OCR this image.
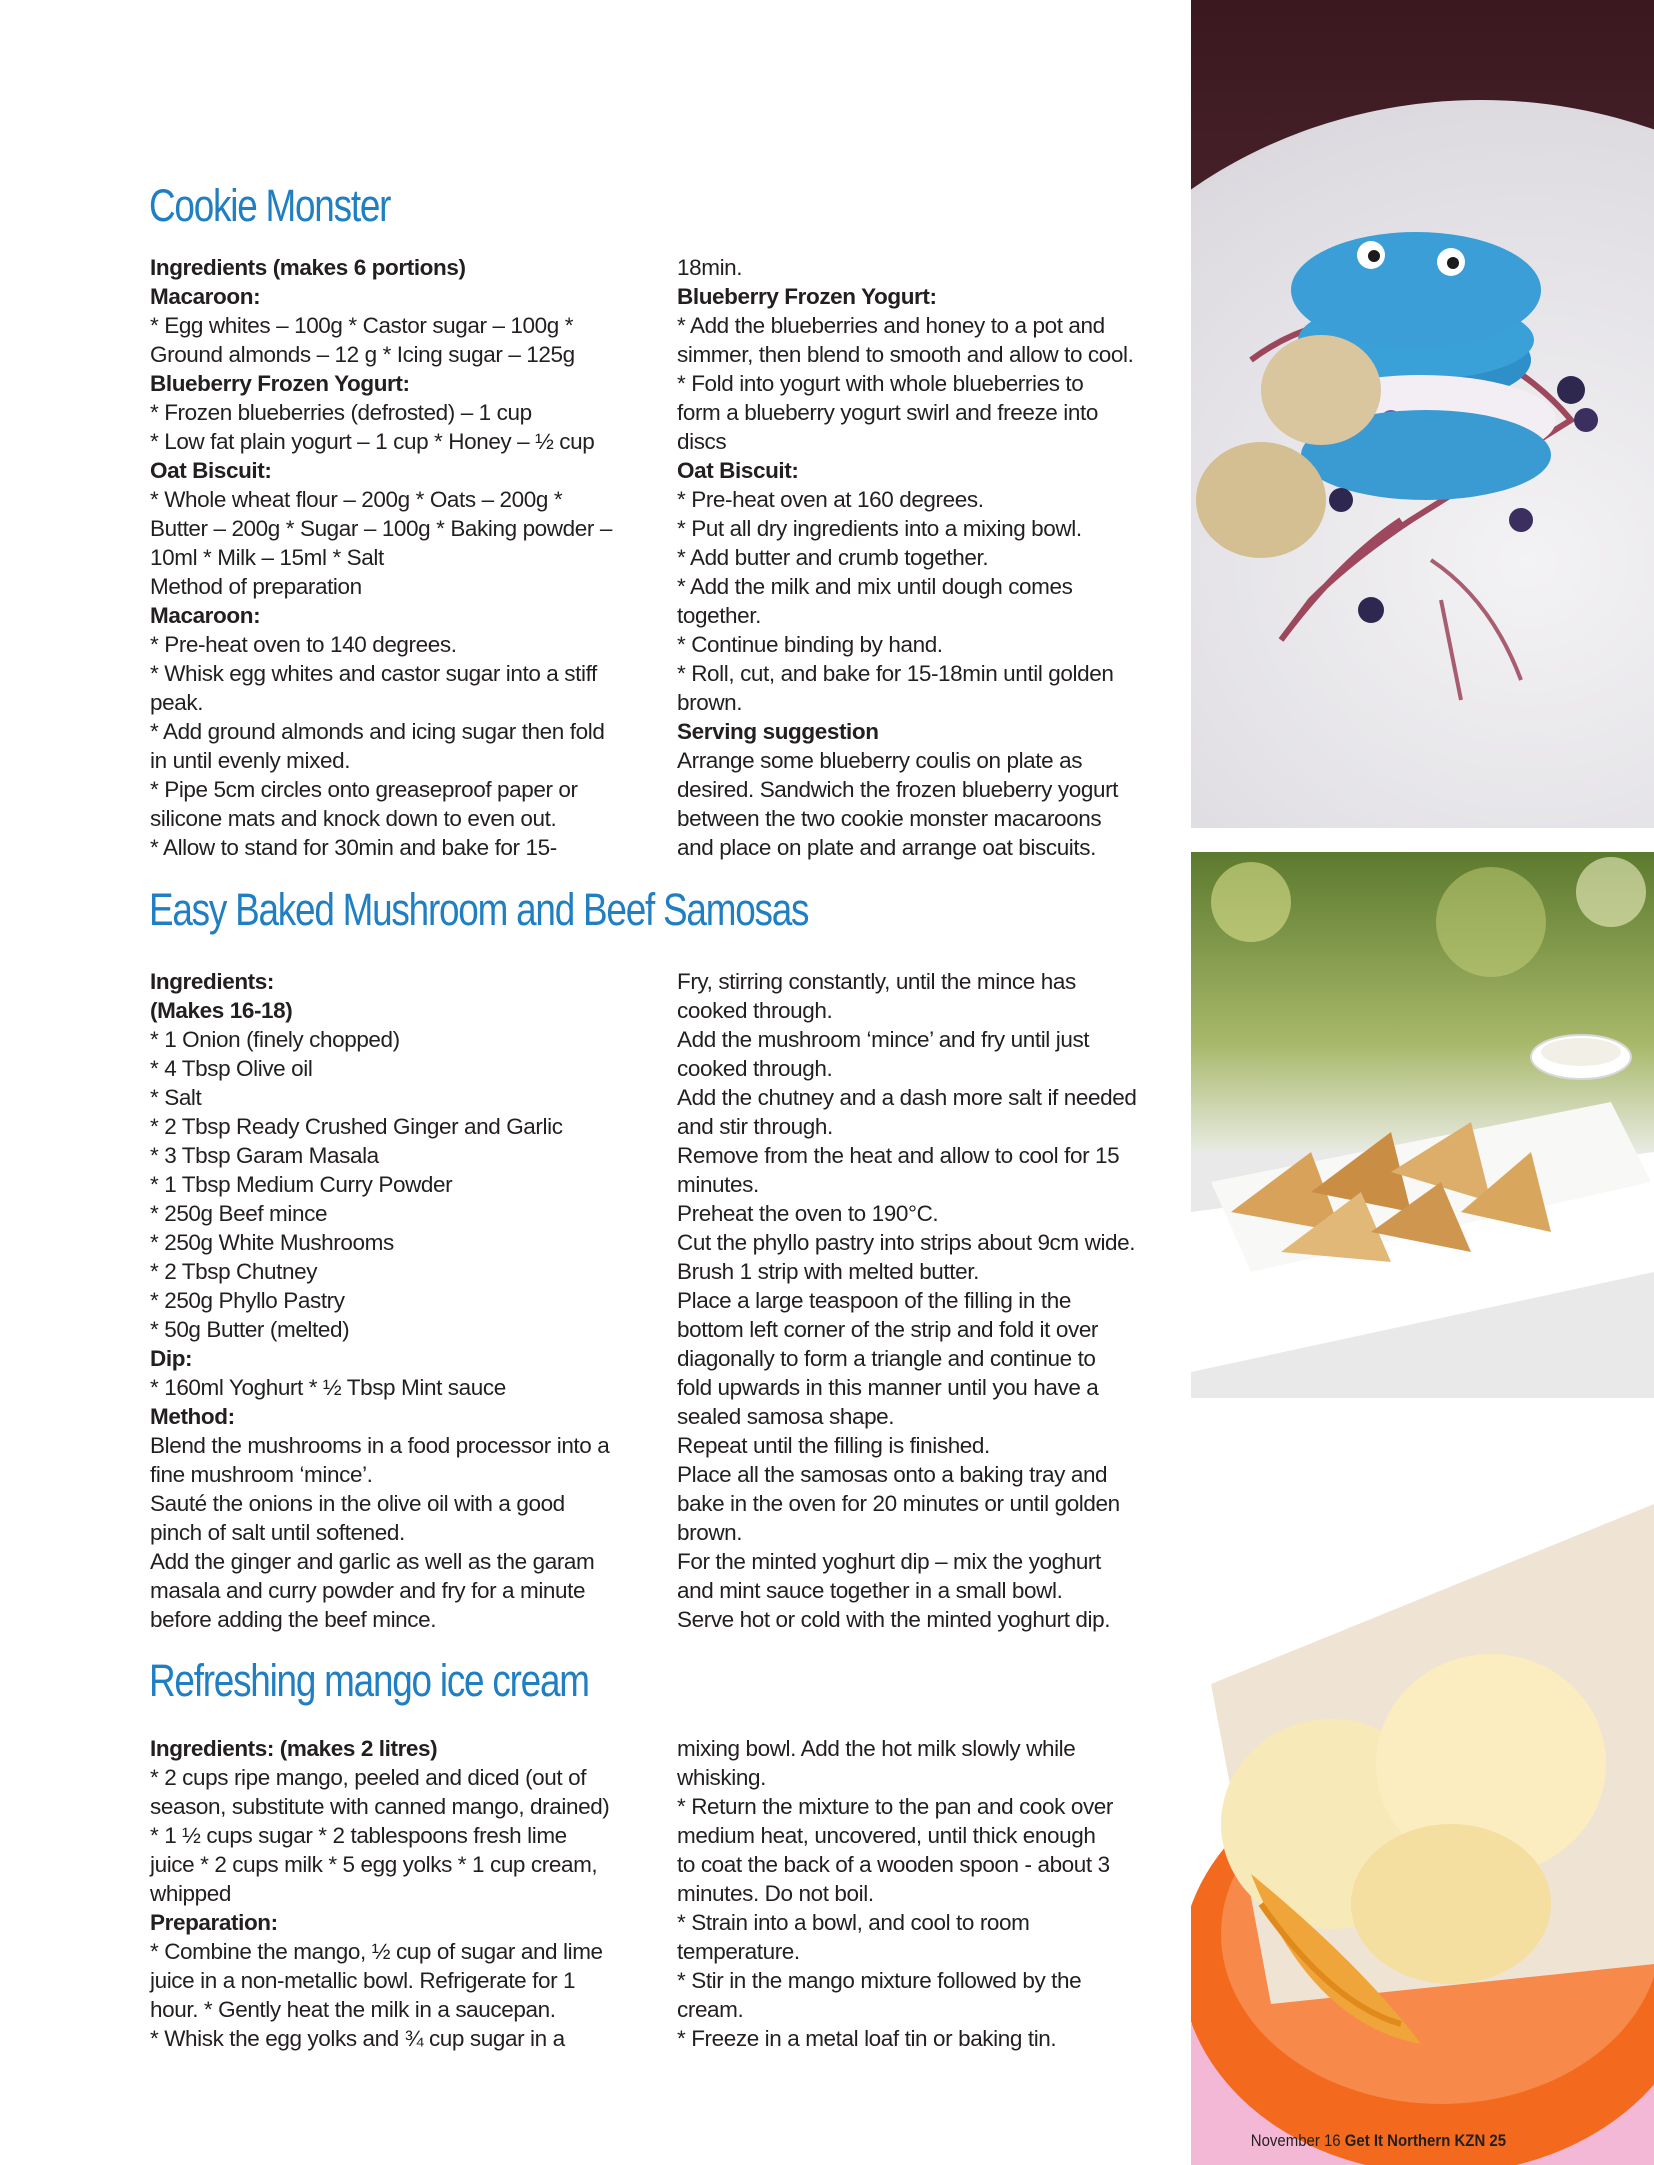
Cookie Monster
Easy Baked Mushroom and Beef Samosas
Refreshing mango ice cream
Ingredients (makes 6 portions)
Macaroon:
* Egg whites – 100g * Castor sugar – 100g *
Ground almonds – 12 g * Icing sugar – 125g
Blueberry Frozen Yogurt:
* Frozen blueberries (defrosted) – 1 cup
* Low fat plain yogurt – 1 cup * Honey – ½ cup
Oat Biscuit:
* Whole wheat flour – 200g * Oats – 200g *
Butter – 200g * Sugar – 100g * Baking powder –
10ml * Milk – 15ml * Salt
Method of preparation
Macaroon:
* Pre-heat oven to 140 degrees.
* Whisk egg whites and castor sugar into a stiff
peak.
* Add ground almonds and icing sugar then fold
in until evenly mixed.
* Pipe 5cm circles onto greaseproof paper or
silicone mats and knock down to even out.
* Allow to stand for 30min and bake for 15-
18min.
Blueberry Frozen Yogurt:
* Add the blueberries and honey to a pot and
simmer, then blend to smooth and allow to cool.
* Fold into yogurt with whole blueberries to
form a blueberry yogurt swirl and freeze into
discs
Oat Biscuit:
* Pre-heat oven at 160 degrees.
* Put all dry ingredients into a mixing bowl.
* Add butter and crumb together.
* Add the milk and mix until dough comes
together.
* Continue binding by hand.
* Roll, cut, and bake for 15-18min until golden
brown.
Serving suggestion
Arrange some blueberry coulis on plate as
desired. Sandwich the frozen blueberry yogurt
between the two cookie monster macaroons
and place on plate and arrange oat biscuits.
Ingredients:
(Makes 16-18)
* 1 Onion (finely chopped)
* 4 Tbsp Olive oil
* Salt
* 2 Tbsp Ready Crushed Ginger and Garlic
* 3 Tbsp Garam Masala
* 1 Tbsp Medium Curry Powder
* 250g Beef mince
* 250g White Mushrooms
* 2 Tbsp Chutney
* 250g Phyllo Pastry
* 50g Butter (melted)
Dip:
* 160ml Yoghurt * ½ Tbsp Mint sauce
Method:
Blend the mushrooms in a food processor into a
fine mushroom ‘mince’.
Sauté the onions in the olive oil with a good
pinch of salt until softened.
Add the ginger and garlic as well as the garam
masala and curry powder and fry for a minute
before adding the beef mince.
Fry, stirring constantly, until the mince has
cooked through.
Add the mushroom ‘mince’ and fry until just
cooked through.
Add the chutney and a dash more salt if needed
and stir through.
Remove from the heat and allow to cool for 15
minutes.
Preheat the oven to 190°C.
Cut the phyllo pastry into strips about 9cm wide.
Brush 1 strip with melted butter.
Place a large teaspoon of the filling in the
bottom left corner of the strip and fold it over
diagonally to form a triangle and continue to
fold upwards in this manner until you have a
sealed samosa shape.
Repeat until the filling is finished.
Place all the samosas onto a baking tray and
bake in the oven for 20 minutes or until golden
brown.
For the minted yoghurt dip – mix the yoghurt
and mint sauce together in a small bowl.
Serve hot or cold with the minted yoghurt dip.
Ingredients: (makes 2 litres)
* 2 cups ripe mango, peeled and diced (out of
season, substitute with canned mango, drained)
* 1 ½ cups sugar * 2 tablespoons fresh lime
juice * 2 cups milk * 5 egg yolks * 1 cup cream,
whipped
Preparation:
* Combine the mango, ½ cup of sugar and lime
juice in a non-metallic bowl. Refrigerate for 1
hour. * Gently heat the milk in a saucepan.
* Whisk the egg yolks and ¾ cup sugar in a
mixing bowl. Add the hot milk slowly while
whisking.
* Return the mixture to the pan and cook over
medium heat, uncovered, until thick enough
to coat the back of a wooden spoon - about 3
minutes. Do not boil.
* Strain into a bowl, and cool to room
temperature.
* Stir in the mango mixture followed by the
cream.
* Freeze in a metal loaf tin or baking tin.
November 16 Get It Northern KZN 25
